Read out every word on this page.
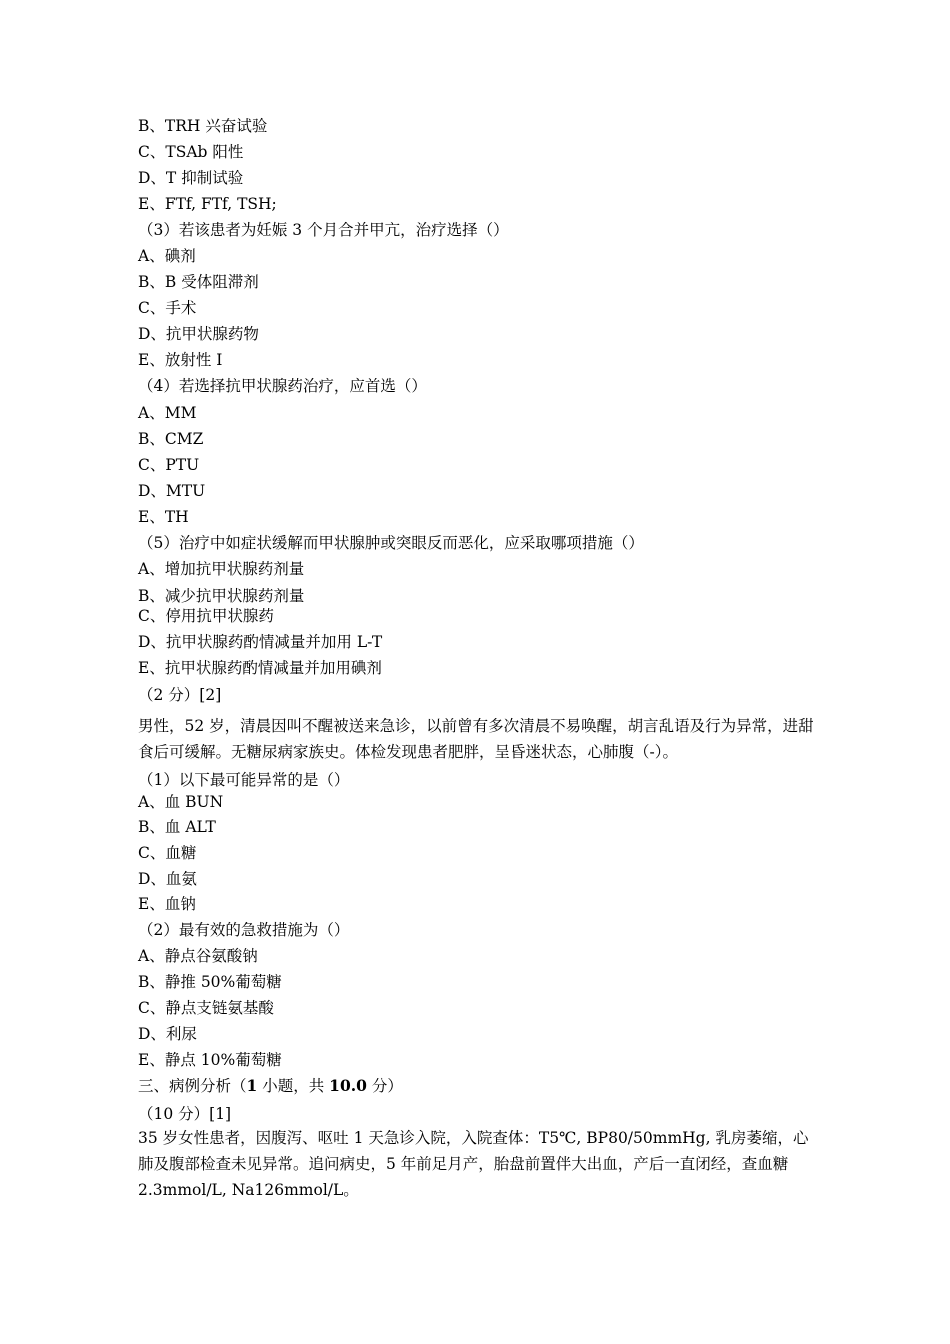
B、TRH 兴奋试验
C、TSAb 阳性
D、T 抑制试验
E、FTf, FTf, TSH;
（3）若该患者为妊娠 3 个月合并甲亢，治疗选择（）
A、碘剂
B、B 受体阻滞剂
C、手术
D、抗甲状腺药物
E、放射性 I
（4）若选择抗甲状腺药治疗，应首选（）
A、MM
B、CMZ
C、PTU
D、MTU
E、TH
（5）治疗中如症状缓解而甲状腺肿或突眼反而恶化，应采取哪项措施（）
A、增加抗甲状腺药剂量
B、减少抗甲状腺药剂量
C、停用抗甲状腺药
D、抗甲状腺药酌情减量并加用 L-T
E、抗甲状腺药酌情减量并加用碘剂
（2 分）[2]
男性，52 岁，清晨因叫不醒被送来急诊，以前曾有多次清晨不易唤醒，胡言乱语及行为异常，进甜食后可缓解。无糖尿病家族史。体检发现患者肥胖，呈昏迷状态，心肺腹（-）。
（1）以下最可能异常的是（）
A、血 BUN
B、血 ALT
C、血糖
D、血氨
E、血钠
（2）最有效的急救措施为（）
A、静点谷氨酸钠
B、静推 50%葡萄糖
C、静点支链氨基酸
D、利尿
E、静点 10%葡萄糖
三、病例分析（1 小题，共 10.0 分）
（10 分）[1]
35 岁女性患者，因腹泻、呕吐 1 天急诊入院，入院查体：T5℃, BP80/50mmHg, 乳房萎缩，心肺及腹部检查未见异常。追问病史，5 年前足月产，胎盘前置伴大出血，产后一直闭经，查血糖 2.3mmol/L, Na126mmol/L。
